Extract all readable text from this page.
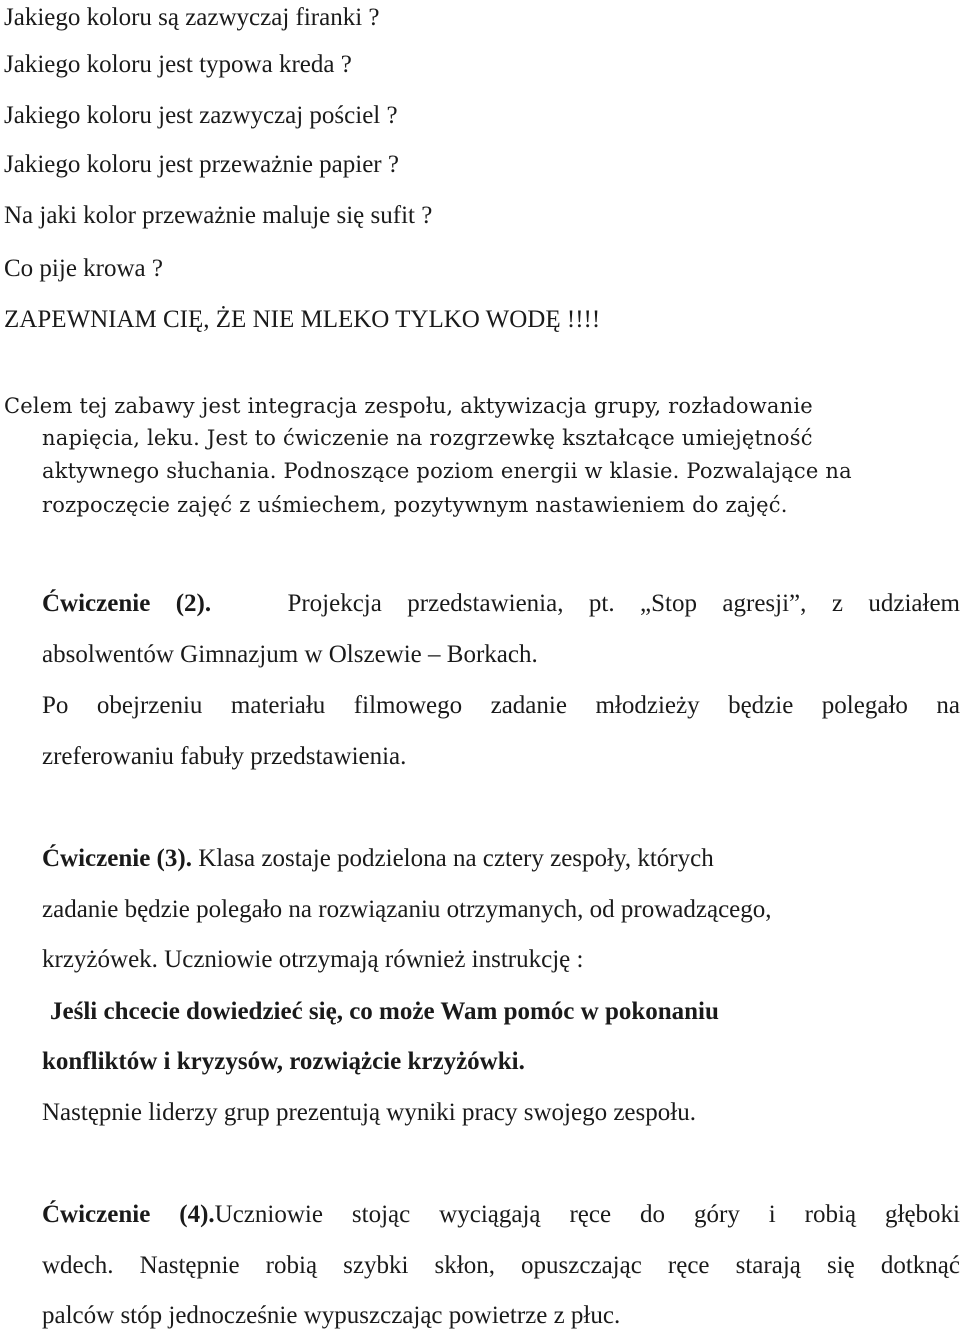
Jakiego koloru są zazwyczaj firanki ?
Jakiego koloru jest typowa kreda ?
Jakiego koloru jest zazwyczaj pościel ?
Jakiego koloru jest przeważnie papier ?
Na jaki kolor przeważnie maluje się sufit ?
Co pije krowa ?
ZAPEWNIAM CIĘ, ŻE NIE MLEKO TYLKO WODĘ !!!!
Celem tej zabawy jest integracja zespołu, aktywizacja grupy, rozładowanie
napięcia, leku. Jest to ćwiczenie na rozgrzewkę kształcące umiejętność
aktywnego słuchania. Podnoszące poziom energii w klasie. Pozwalające na
rozpoczęcie zajęć z uśmiechem, pozytywnym nastawieniem do zajęć.
Ćwiczenie (2).	Projekcja przedstawienia, pt. „Stop agresji”, z udziałem
absolwentów Gimnazjum w Olszewie – Borkach.
Po obejrzeniu materiału filmowego zadanie młodzieży będzie polegało na
zreferowaniu fabuły przedstawienia.
Ćwiczenie (3). Klasa zostaje podzielona na cztery zespoły, których
zadanie będzie polegało na rozwiązaniu otrzymanych, od prowadzącego,
krzyżówek. Uczniowie otrzymają również instrukcję :
Jeśli chcecie dowiedzieć się, co może Wam pomóc w pokonaniu
konfliktów i kryzysów, rozwiążcie krzyżówki.
Następnie liderzy grup prezentują wyniki pracy swojego zespołu.
Ćwiczenie (4).Uczniowie stojąc wyciągają ręce do góry i robią głęboki
wdech. Następnie robią szybki skłon, opuszczając ręce starają się dotknąć
palców stóp jednocześnie wypuszczając powietrze z płuc.
